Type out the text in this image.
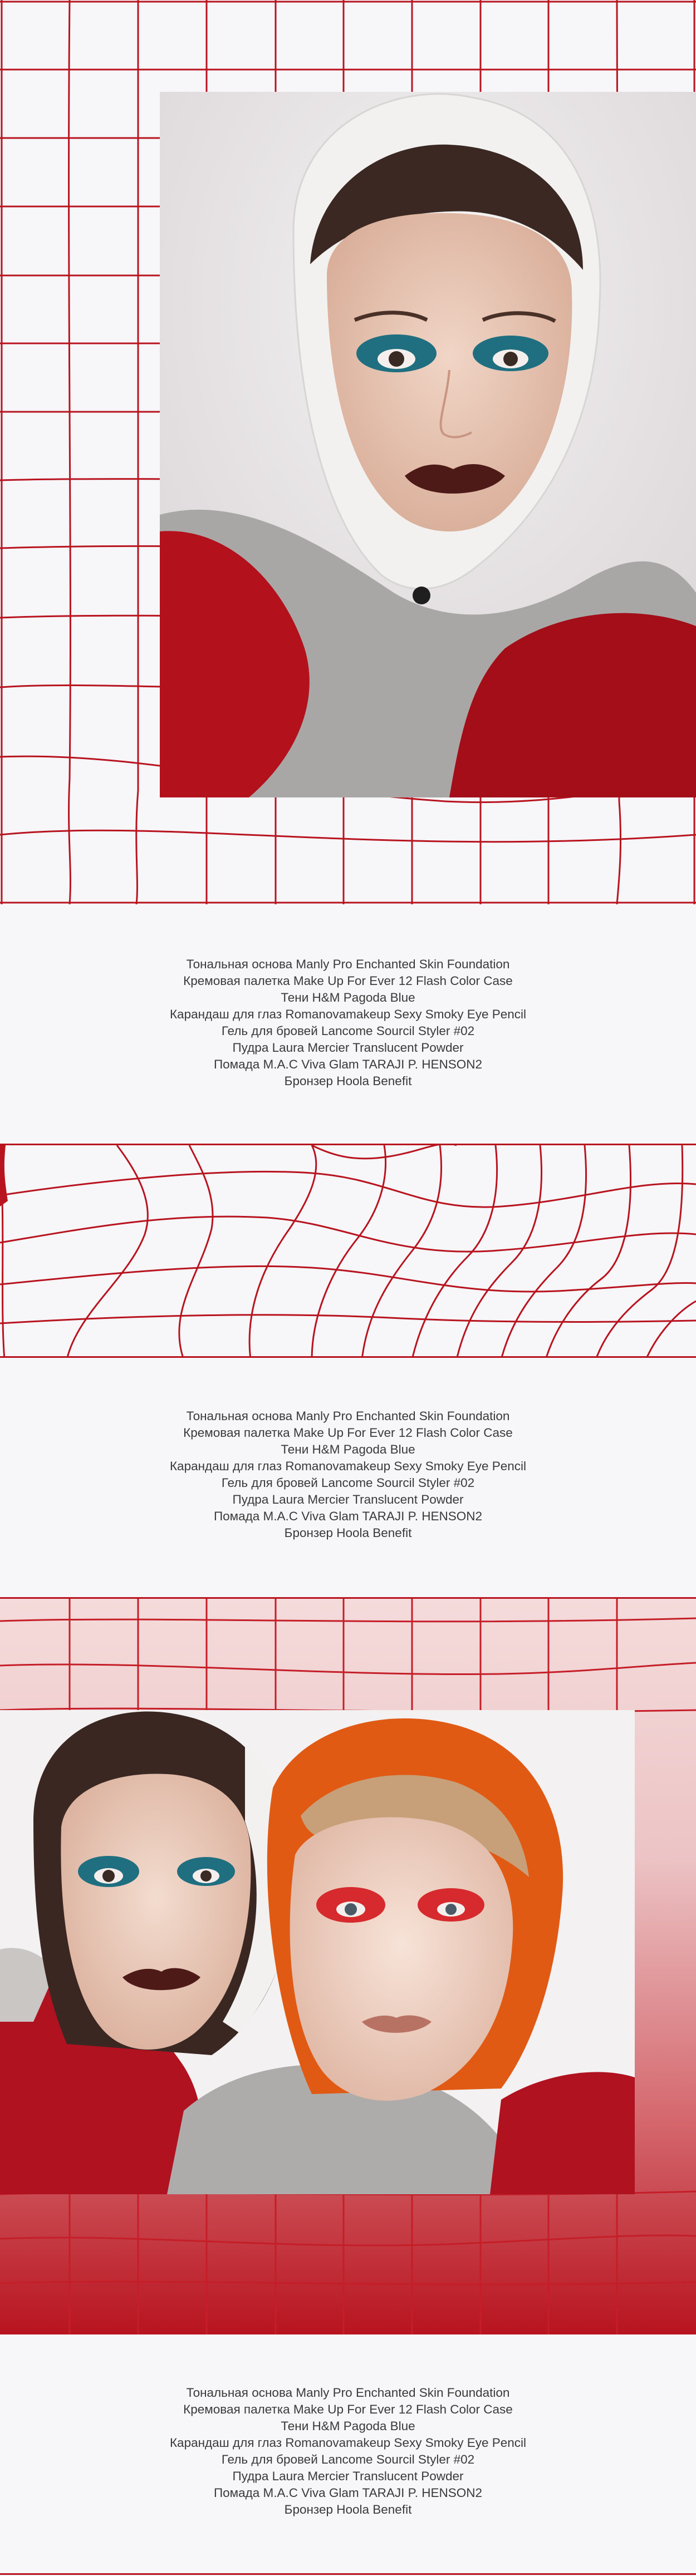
Тональная основа Manly Pro Enchanted Skin Foundation
Кремовая палетка Make Up For Ever 12 Flash Color Case
Тени H&M Pagoda Blue
Карандаш для глаз Romanovamakeup Sexy Smoky Eye Pencil
Гель для бровей Lancome Sourcil Styler #02
Пудра Laura Mercier Translucent Powder
Помада M.A.C Viva Glam TARAJI P. HENSON2
Бронзер Hoola Benefit
Тональная основа Manly Pro Enchanted Skin Foundation
Кремовая палетка Make Up For Ever 12 Flash Color Case
Тени H&M Pagoda Blue
Карандаш для глаз Romanovamakeup Sexy Smoky Eye Pencil
Гель для бровей Lancome Sourcil Styler #02
Пудра Laura Mercier Translucent Powder
Помада M.A.C Viva Glam TARAJI P. HENSON2
Бронзер Hoola Benefit
Тональная основа Manly Pro Enchanted Skin Foundation
Кремовая палетка Make Up For Ever 12 Flash Color Case
Тени H&M Pagoda Blue
Карандаш для глаз Romanovamakeup Sexy Smoky Eye Pencil
Гель для бровей Lancome Sourcil Styler #02
Пудра Laura Mercier Translucent Powder
Помада M.A.C Viva Glam TARAJI P. HENSON2
Бронзер Hoola Benefit
